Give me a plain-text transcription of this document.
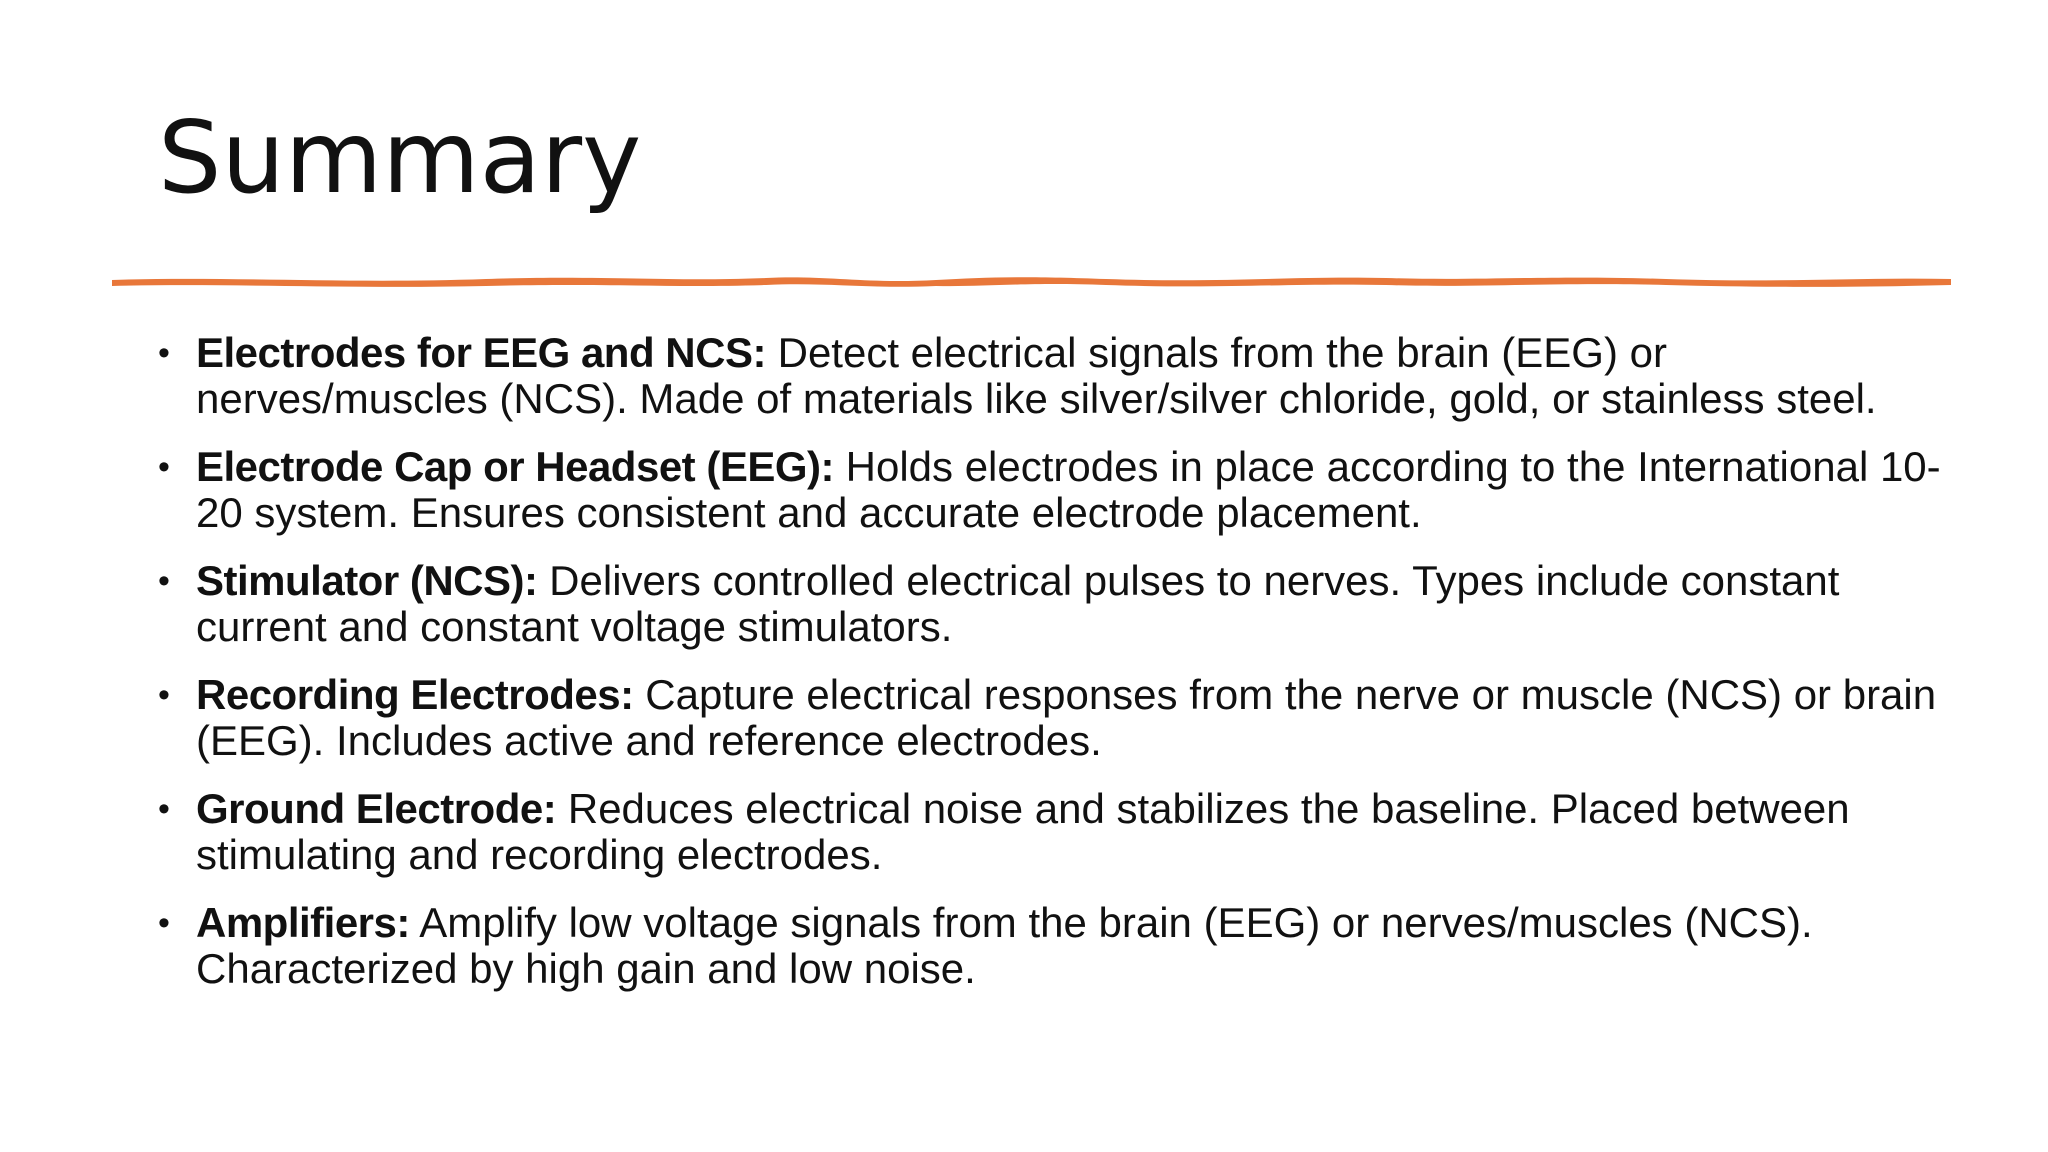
Summary
• Electrodes for EEG and NCS: Detect electrical signals from the brain (EEG) or nerves/muscles (NCS). Made of materials like silver/silver chloride, gold, or stainless steel.
• Electrode Cap or Headset (EEG): Holds electrodes in place according to the International 10-20 system. Ensures consistent and accurate electrode placement.
• Stimulator (NCS): Delivers controlled electrical pulses to nerves. Types include constant current and constant voltage stimulators.
• Recording Electrodes: Capture electrical responses from the nerve or muscle (NCS) or brain (EEG). Includes active and reference electrodes.
• Ground Electrode: Reduces electrical noise and stabilizes the baseline. Placed between stimulating and recording electrodes.
• Amplifiers: Amplify low voltage signals from the brain (EEG) or nerves/muscles (NCS). Characterized by high gain and low noise.
